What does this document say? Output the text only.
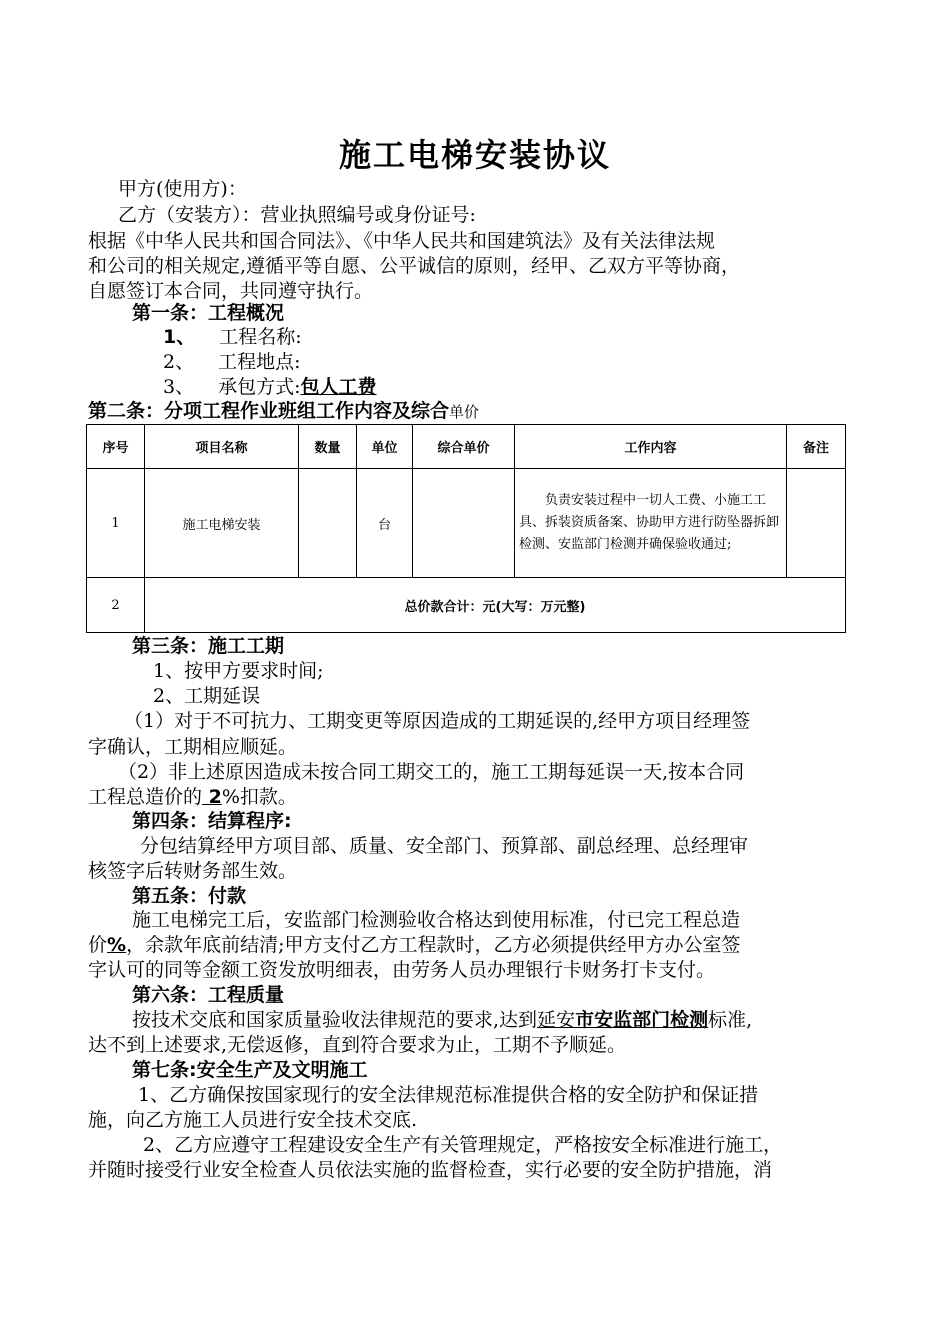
施工电梯安装协议
甲方(使用方)：
乙方（安装方）：营业执照编号或身份证号:
根据《中华人民共和国合同法》、《中华人民共和国建筑法》及有关法律法规
和公司的相关规定,遵循平等自愿、公平诚信的原则，经甲、乙双方平等协商，
自愿签订本合同，共同遵守执行。
第一条：工程概况
1、 工程名称:
2、 工程地点:
3、 承包方式:包人工费
第二条：分项工程作业班组工作内容及综合单价
序号	项目名称	数量	单位	综合单价	工作内容	备注
1	施工电梯安装		台		负责安装过程中一切人工费、小施工工具、拆装资质备案、协助甲方进行防坠器拆卸检测、安监部门检测并确保验收通过;	
2	总价款合计：元(大写：万元整)					
第三条：施工工期
1、按甲方要求时间;
2、工期延误
（1）对于不可抗力、工期变更等原因造成的工期延误的,经甲方项目经理签
字确认，工期相应顺延。
（2）非上述原因造成未按合同工期交工的，施工工期每延误一天,按本合同
工程总造价的 2%扣款。
第四条：结算程序:
分包结算经甲方项目部、质量、安全部门、预算部、副总经理、总经理审
核签字后转财务部生效。
第五条：付款
施工电梯完工后，安监部门检测验收合格达到使用标准，付已完工程总造
价%，余款年底前结清;甲方支付乙方工程款时，乙方必须提供经甲方办公室签
字认可的同等金额工资发放明细表，由劳务人员办理银行卡财务打卡支付。
第六条：工程质量
按技术交底和国家质量验收法律规范的要求,达到延安市安监部门检测标准,
达不到上述要求,无偿返修，直到符合要求为止，工期不予顺延。
第七条:安全生产及文明施工
1、乙方确保按国家现行的安全法律规范标准提供合格的安全防护和保证措
施，向乙方施工人员进行安全技术交底.
2、乙方应遵守工程建设安全生产有关管理规定，严格按安全标准进行施工，
并随时接受行业安全检查人员依法实施的监督检查，实行必要的安全防护措施，消
